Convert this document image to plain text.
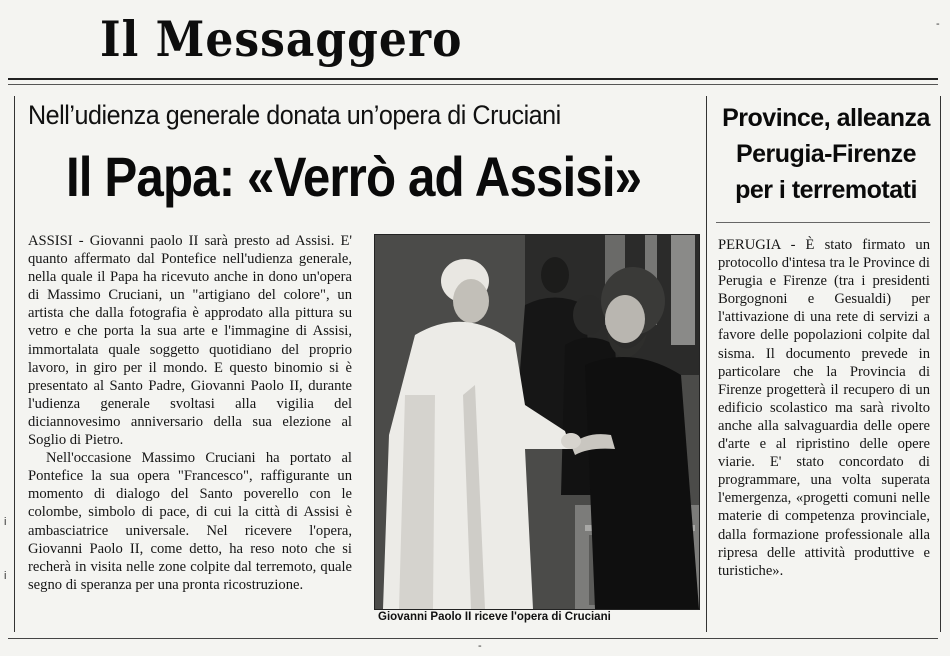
Il Messaggero	-
i
i
Nell’udienza generale donata un’opera di Cruciani
Il Papa: «Verrò ad Assisi»

ASSISI - Giovanni paolo II sarà presto ad Assisi. E' quanto affermato dal Pontefice nell'udienza generale, nella quale il Papa ha ricevuto anche in dono un'opera di Massimo Cruciani, un "artigiano del colore", un artista che dalla fotografia è approdato alla pittura su vetro e che porta la sua arte e l'immagine di Assisi, immortalata quale soggetto quotidiano del proprio lavoro, in giro per il mondo. E questo binomio si è presentato al Santo Padre, Giovanni Paolo II, durante l'udienza generale svoltasi alla vigilia del diciannovesimo anniversario della sua elezione al Soglio di Pietro.

Nell'occasione Massimo Cruciani ha portato al Pontefice la sua opera "Francesco", raffigurante un momento di dialogo del Santo poverello con le colombe, simbolo di pace, di cui la città di Assisi è ambasciatrice universale. Nel ricevere l'opera, Giovanni Paolo II, come detto, ha reso noto che si recherà in visita nelle zone colpite dal terremoto, quale segno di speranza per una pronta ricostruzione.

Giovanni Paolo II riceve l'opera di Cruciani
Province, alleanza
Perugia-Firenze
per i terremotati

PERUGIA - È stato firmato un protocollo d'intesa tra le Province di Perugia e Firenze (tra i presidenti Borgognoni e Gesualdi) per l'attivazione di una rete di servizi a favore delle popolazioni colpite dal sisma. Il documento prevede in particolare che la Provincia di Firenze progetterà il recupero di un edificio scolastico ma sarà rivolto anche alla salvaguardia delle opere d'arte e al ripristino delle opere viarie. E' stato concordato di programmare, una volta superata l'emergenza, «progetti comuni nelle materie di competenza provinciale, dalla formazione professionale alla ripresa delle attività produttive e turistiche».

-
